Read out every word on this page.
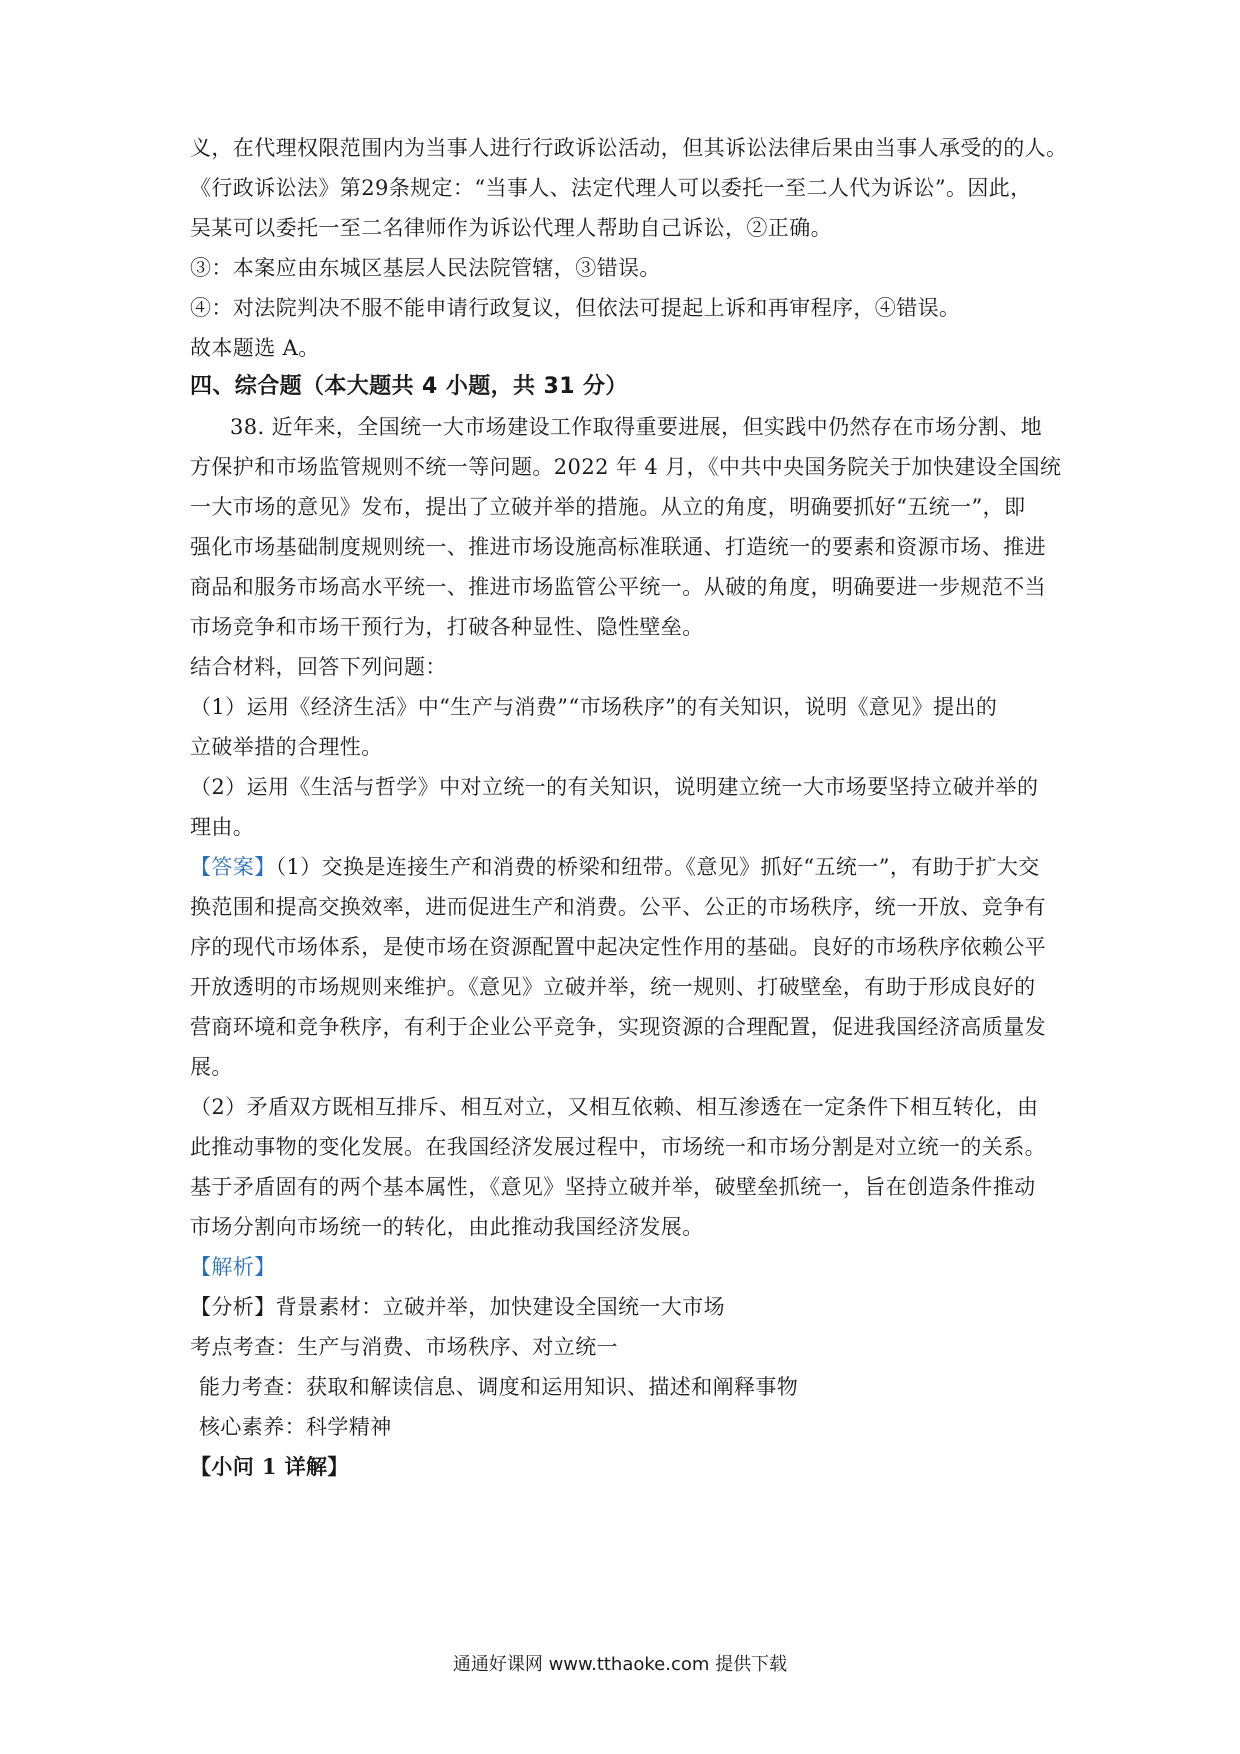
义，在代理权限范围内为当事人进行行政诉讼活动，但其诉讼法律后果由当事人承受的的人。

《行政诉讼法》第29条规定：“当事人、法定代理人可以委托一至二人代为诉讼”。因此，

吴某可以委托一至二名律师作为诉讼代理人帮助自己诉讼，②正确。

③：本案应由东城区基层人民法院管辖，③错误。

④：对法院判决不服不能申请行政复议，但依法可提起上诉和再审程序，④错误。

故本题选 A。

四、综合题（本大题共 4 小题，共 31 分）

38. 近年来，全国统一大市场建设工作取得重要进展，但实践中仍然存在市场分割、地

方保护和市场监管规则不统一等问题。2022 年 4 月，《中共中央国务院关于加快建设全国统

一大市场的意见》发布，提出了立破并举的措施。从立的角度，明确要抓好“五统一”，即

强化市场基础制度规则统一、推进市场设施高标准联通、打造统一的要素和资源市场、推进

商品和服务市场高水平统一、推进市场监管公平统一。从破的角度，明确要进一步规范不当

市场竞争和市场干预行为，打破各种显性、隐性壁垒。

结合材料，回答下列问题：

（1）运用《经济生活》中“生产与消费”“市场秩序”的有关知识，说明《意见》提出的

立破举措的合理性。

（2）运用《生活与哲学》中对立统一的有关知识，说明建立统一大市场要坚持立破并举的

理由。

【答案】（1）交换是连接生产和消费的桥梁和纽带。《意见》抓好“五统一”，有助于扩大交

换范围和提高交换效率，进而促进生产和消费。公平、公正的市场秩序，统一开放、竞争有

序的现代市场体系，是使市场在资源配置中起决定性作用的基础。良好的市场秩序依赖公平

开放透明的市场规则来维护。《意见》立破并举，统一规则、打破壁垒，有助于形成良好的

营商环境和竞争秩序，有利于企业公平竞争，实现资源的合理配置，促进我国经济高质量发

展。

（2）矛盾双方既相互排斥、相互对立，又相互依赖、相互渗透在一定条件下相互转化，由

此推动事物的变化发展。在我国经济发展过程中，市场统一和市场分割是对立统一的关系。

基于矛盾固有的两个基本属性，《意见》坚持立破并举，破壁垒抓统一，旨在创造条件推动

市场分割向市场统一的转化，由此推动我国经济发展。

【解析】

【分析】背景素材：立破并举，加快建设全国统一大市场

考点考查：生产与消费、市场秩序、对立统一

能力考查：获取和解读信息、调度和运用知识、描述和阐释事物

核心素养：科学精神

【小问 1 详解】

通通好课网 www.tthaoke.com 提供下载
